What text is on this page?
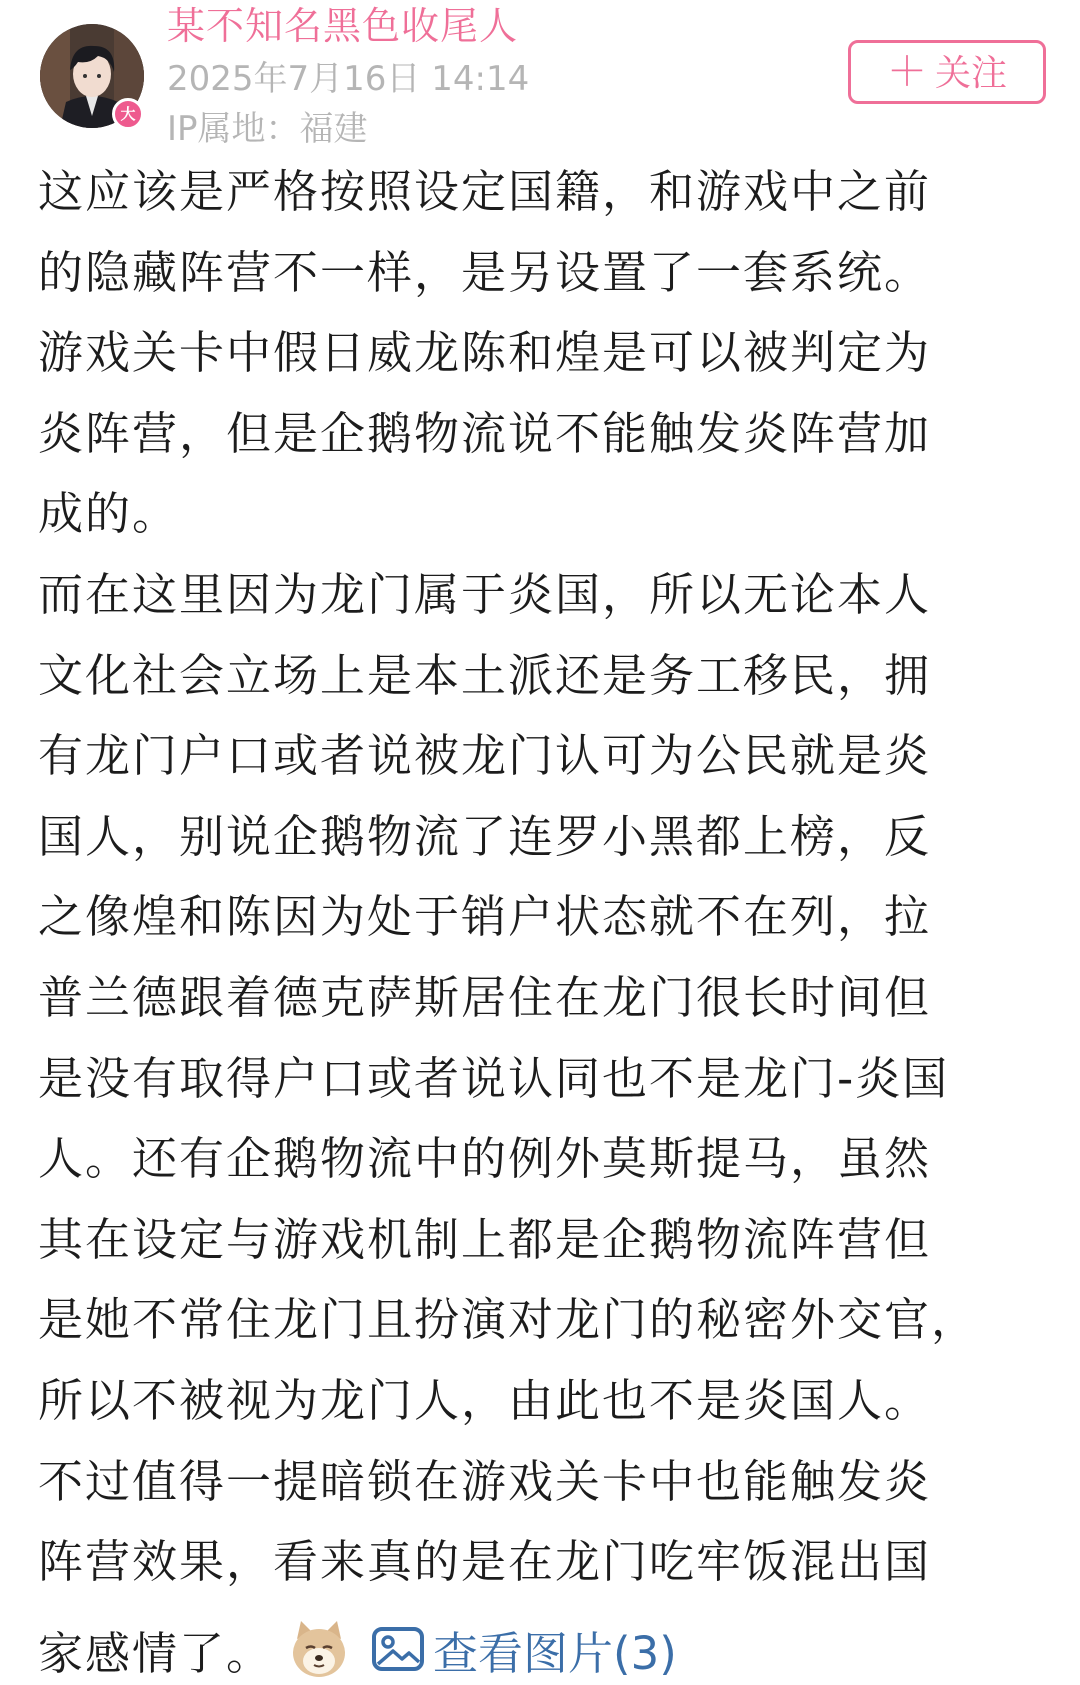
大
某不知名黑色收尾人
2025年7月16日 14:14
IP属地：福建
＋ 关注
这应该是严格按照设定国籍，和游戏中之前
的隐藏阵营不一样，是另设置了一套系统。
游戏关卡中假日威龙陈和煌是可以被判定为
炎阵营，但是企鹅物流说不能触发炎阵营加
成的。
而在这里因为龙门属于炎国，所以无论本人
文化社会立场上是本土派还是务工移民，拥
有龙门户口或者说被龙门认可为公民就是炎
国人，别说企鹅物流了连罗小黑都上榜，反
之像煌和陈因为处于销户状态就不在列，拉
普兰德跟着德克萨斯居住在龙门很长时间但
是没有取得户口或者说认同也不是龙门-炎国
人。还有企鹅物流中的例外莫斯提马，虽然
其在设定与游戏机制上都是企鹅物流阵营但
是她不常住龙门且扮演对龙门的秘密外交官，
所以不被视为龙门人，由此也不是炎国人。
不过值得一提暗锁在游戏关卡中也能触发炎
阵营效果，看来真的是在龙门吃牢饭混出国
家感情了。	查看图片(3)
